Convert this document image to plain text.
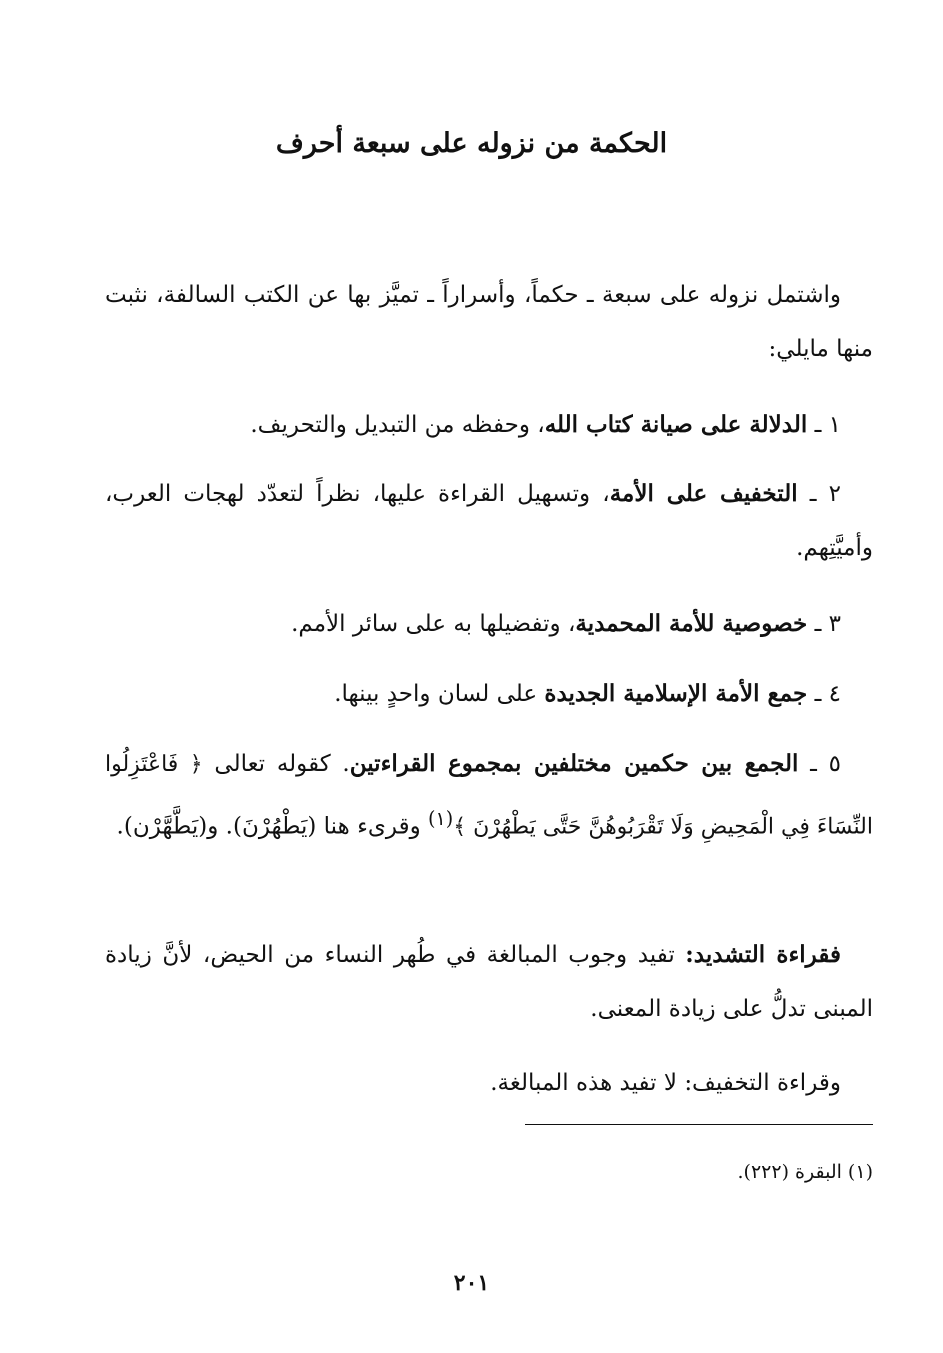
الحكمة من نزوله على سبعة أحرف
واشتمل نزوله على سبعة ـ حكماً، وأسراراً ـ تميَّز بها عن الكتب السالفة، نثبت منها مايلي:
١ ـ الدلالة على صيانة كتاب الله، وحفظه من التبديل والتحريف.
٢ ـ التخفيف على الأمة، وتسهيل القراءة عليها، نظراً لتعدّد لهجات العرب، وأميَّتِهم.
٣ ـ خصوصية للأمة المحمدية، وتفضيلها به على سائر الأمم.
٤ ـ جمع الأمة الإسلامية الجديدة على لسان واحدٍ بينها.
٥ ـ الجمع بين حكمين مختلفين بمجموع القراءتين. كقوله تعالى ﴿ فَاعْتَزِلُوا النِّسَاءَ فِي الْمَحِيضِ وَلَا تَقْرَبُوهُنَّ حَتَّى يَطْهُرْنَ ﴾$^{(١)}$ وقرىء هنا (يَطْهُرْنَ). و(يَطَّهَّرْن).
فقراءة التشديد: تفيد وجوب المبالغة في طُهر النساء من الحيض، لأنَّ زيادة المبنى تدلُّ على زيادة المعنى.
وقراءة التخفيف: لا تفيد هذه المبالغة.
(١) البقرة (٢٢٢).
٢٠١
